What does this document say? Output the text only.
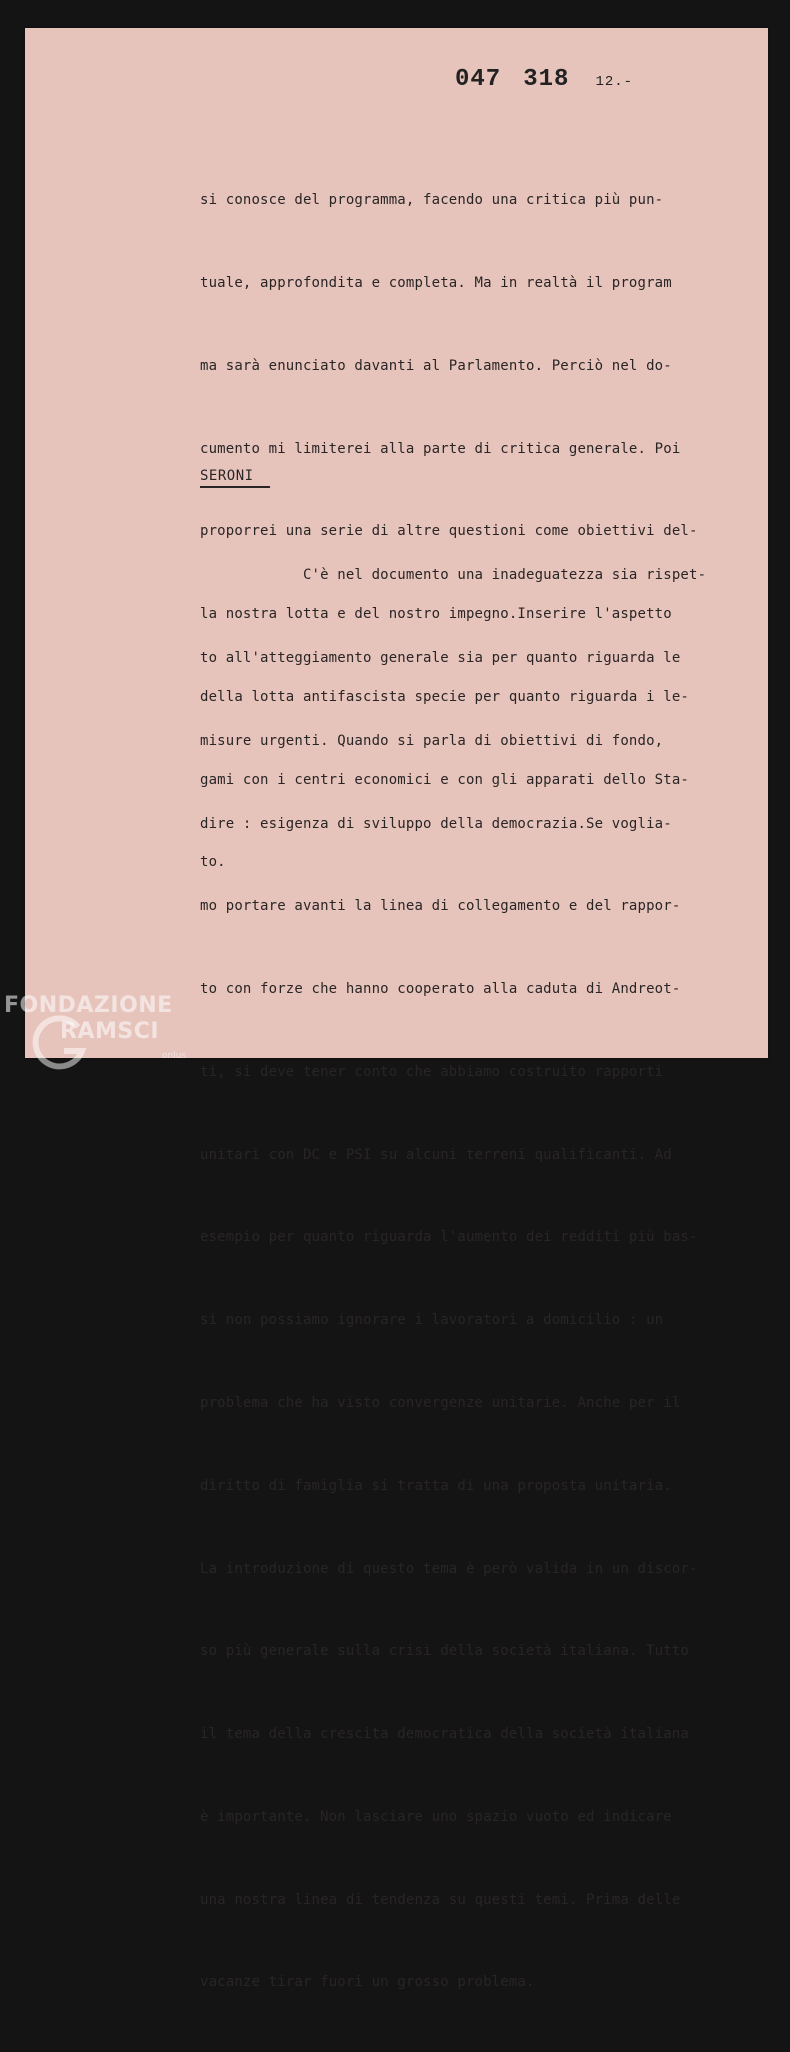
047 318 12.-

si conosce del programma, facendo una critica più pun-

tuale, approfondita e completa. Ma in realtà il program

ma sarà enunciato davanti al Parlamento. Perciò nel do-

cumento mi limiterei alla parte di critica generale. Poi

proporrei una serie di altre questioni come obiettivi del-

la nostra lotta e del nostro impegno.Inserire l'aspetto

della lotta antifascista specie per quanto riguarda i le-

gami con i centri economici e con gli apparati dello Sta-

to.

SERONI

C'è nel documento una inadeguatezza sia rispet-

to all'atteggiamento generale sia per quanto riguarda le

misure urgenti. Quando si parla di obiettivi di fondo,

dire : esigenza di sviluppo della democrazia.Se voglia-

mo portare avanti la linea di collegamento e del rappor-

to con forze che hanno cooperato alla caduta di Andreot-

ti, si deve tener conto che abbiamo costruito rapporti

unitari con DC e PSI su alcuni terreni qualificanti. Ad

esempio per quanto riguarda l'aumento dei redditi più bas-

si non possiamo ignorare i lavoratori a domicilio : un

problema che ha visto convergenze unitarie. Anche per il

diritto di famiglia si tratta di una proposta unitaria.

La introduzione di questo tema è però valida in un discor-

so più generale sulla crisi della società italiana. Tutto

il tema della crescita democratica della società italiana

è importante. Non lasciare uno spazio vuoto ed indicare

una nostra linea di tendenza su questi temi. Prima delle

vacanze tirar fuori un grosso problema.

FONDAZIONE
RAMSCI
onlus
